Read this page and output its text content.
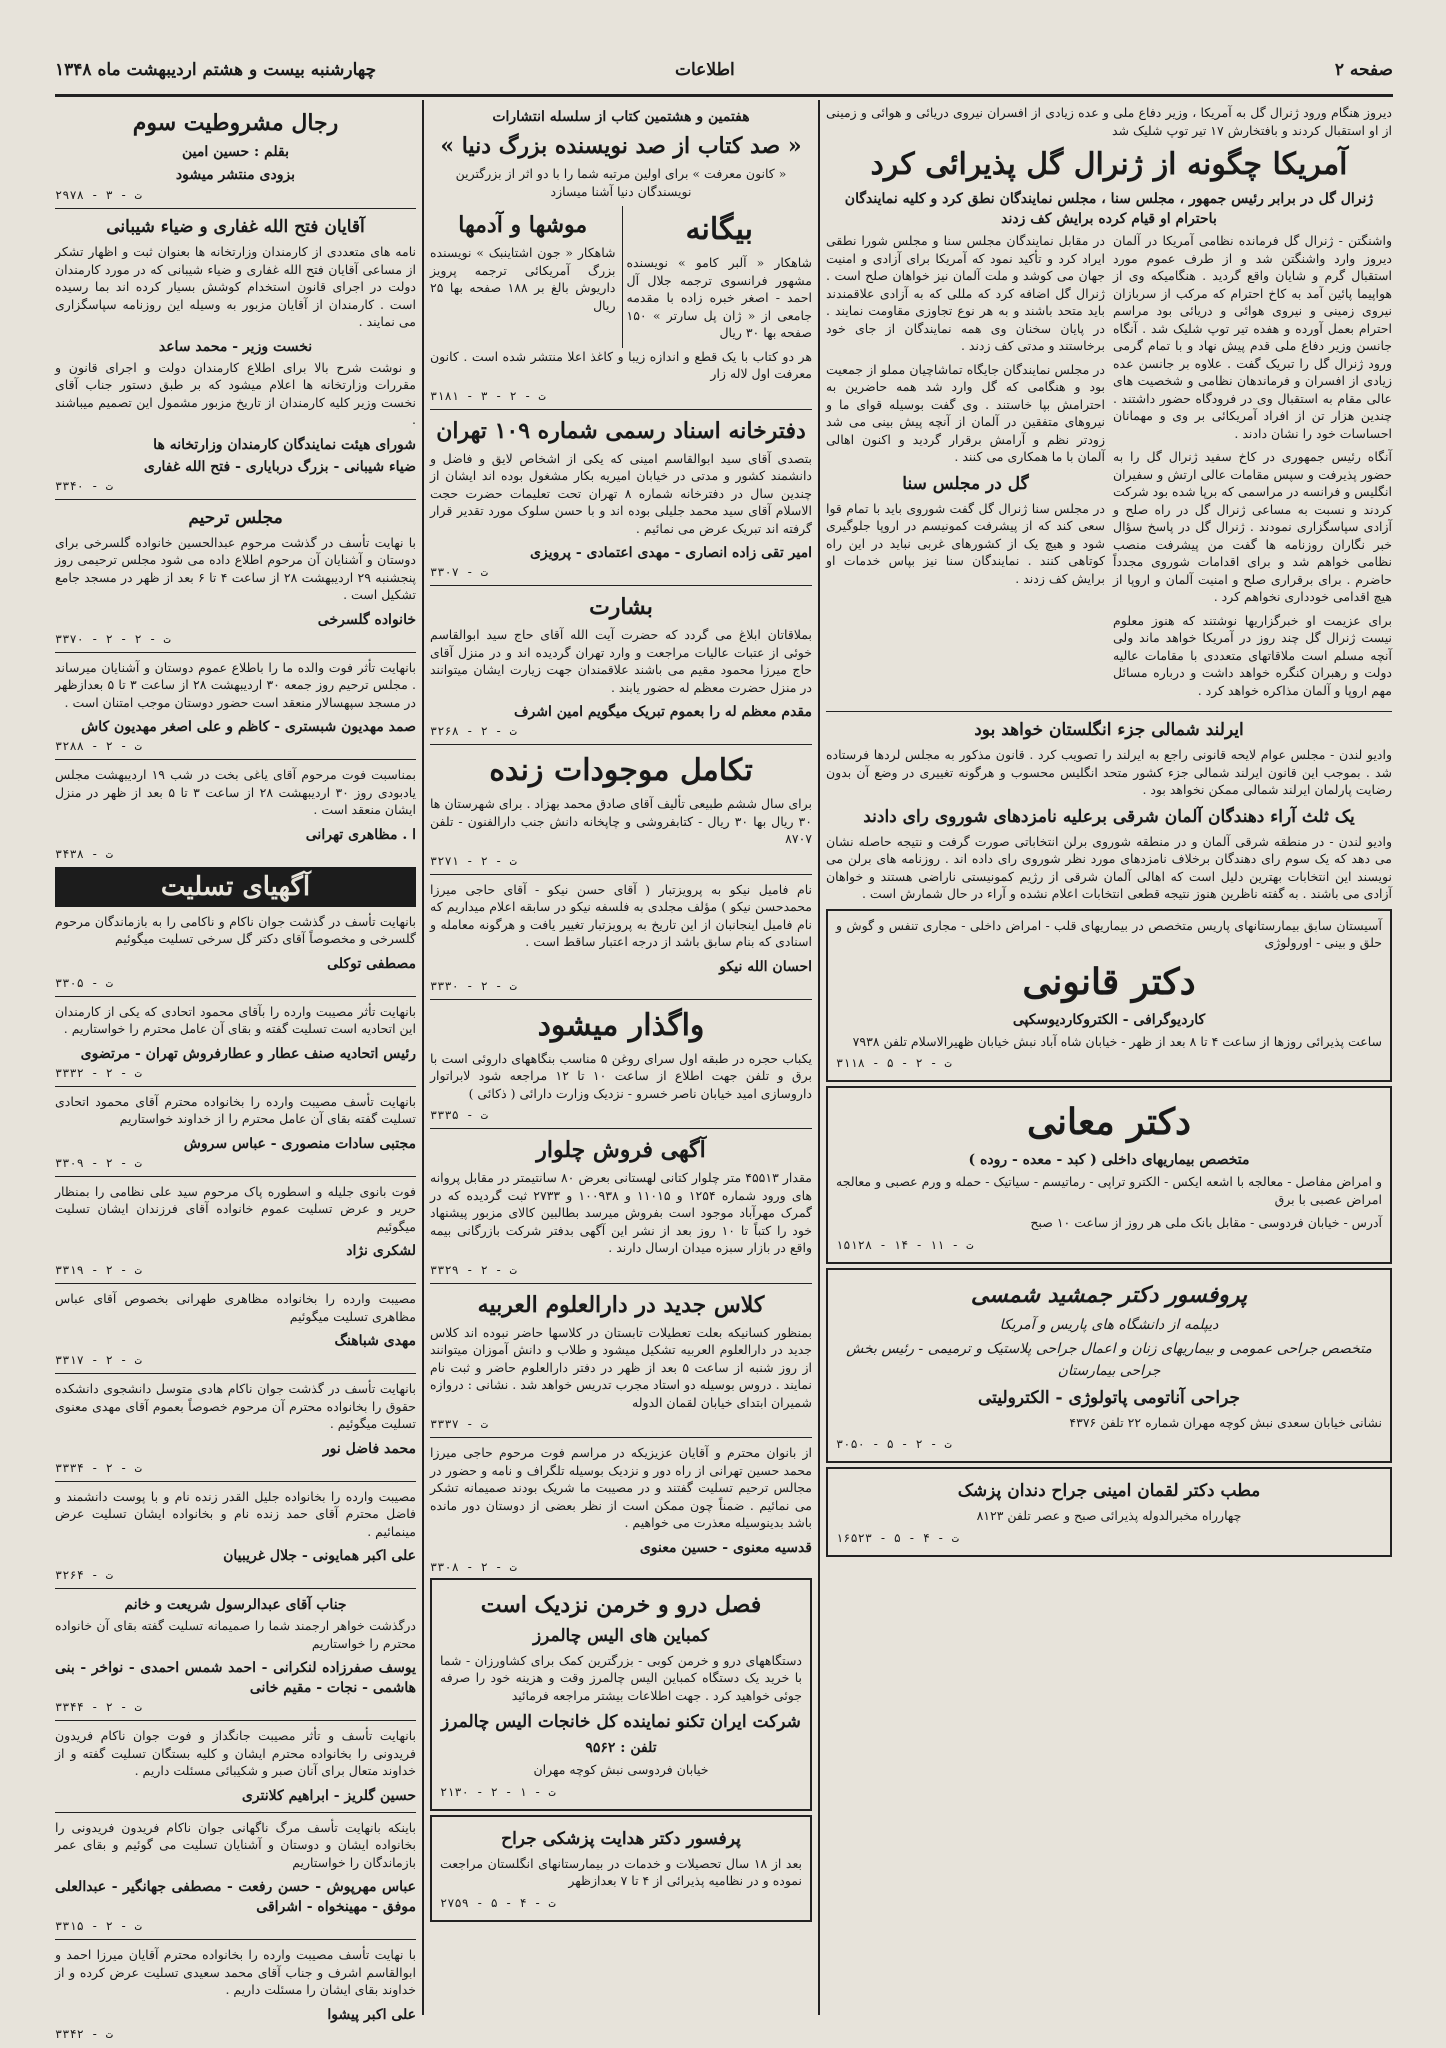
چهارشنبه بیست و هشتم اردیبهشت ماه ۱۳۴۸	اطلاعات	صفحه ۲

دیروز هنگام ورود ژنرال گل به آمریکا ، وزیر دفاع ملی و عده زیادی از افسران نیروی دریائی و هوائی و زمینی از او استقبال کردند و بافتخارش ۱۷ تیر توپ شلیک شد

آمریکا چگونه از ژنرال گل پذیرائی کرد
ژنرال گل در برابر رئیس جمهور ، مجلس سنا ، مجلس نمایندگان نطق کرد و کلیه نمایندگان باحترام او قیام کرده برایش کف زدند

واشنگتن - ژنرال گل فرمانده نظامی آمریکا در آلمان دیروز وارد واشنگتن شد و از طرف عموم مورد استقبال گرم و شایان واقع گردید . هنگامیکه وی از هواپیما پائین آمد به کاخ احترام که مرکب از سربازان نیروی زمینی و نیروی هوائی و دریائی بود مراسم احترام بعمل آورده و هفده تیر توپ شلیک شد . آنگاه جانسن وزیر دفاع ملی قدم پیش نهاد و با تمام گرمی ورود ژنرال گل را تبریک گفت . علاوه بر جانسن عده زیادی از افسران و فرماندهان نظامی و شخصیت های عالی مقام به استقبال وی در فرودگاه حضور داشتند . چندین هزار تن از افراد آمریکائی بر وی و مهمانان احساسات خود را نشان دادند .

آنگاه رئیس جمهوری در کاخ سفید ژنرال گل را به حضور پذیرفت و سپس مقامات عالی ارتش و سفیران انگلیس و فرانسه در مراسمی که برپا شده بود شرکت کردند و نسبت به مساعی ژنرال گل در راه صلح و آزادی سپاسگزاری نمودند . ژنرال گل در پاسخ سؤال خبر نگاران روزنامه ها گفت من پیشرفت منصب نظامی خواهم شد و برای اقدامات شوروی مجدداً حاضرم . برای برقراری صلح و امنیت آلمان و اروپا از هیچ اقدامی خودداری نخواهم کرد .

برای عزیمت او خبرگزاریها نوشتند که هنوز معلوم نیست ژنرال گل چند روز در آمریکا خواهد ماند ولی آنچه مسلم است ملاقاتهای متعددی با مقامات عالیه دولت و رهبران کنگره خواهد داشت و درباره مسائل مهم اروپا و آلمان مذاکره خواهد کرد .

در مقابل نمایندگان مجلس سنا و مجلس شورا نطقی ایراد کرد و تأکید نمود که آمریکا برای آزادی و امنیت جهان می کوشد و ملت آلمان نیز خواهان صلح است . ژنرال گل اضافه کرد که مللی که به آزادی علاقمندند باید متحد باشند و به هر نوع تجاوزی مقاومت نمایند . در پایان سخنان وی همه نمایندگان از جای خود برخاستند و مدتی کف زدند .

در مجلس نمایندگان جایگاه تماشاچیان مملو از جمعیت بود و هنگامی که گل وارد شد همه حاضرین به احترامش بپا خاستند . وی گفت بوسیله قوای ما و نیروهای متفقین در آلمان از آنچه پیش بینی می شد زودتر نظم و آرامش برقرار گردید و اکنون اهالی آلمان با ما همکاری می کنند .

گل در مجلس سنا

در مجلس سنا ژنرال گل گفت شوروی باید با تمام قوا سعی کند که از پیشرفت کمونیسم در اروپا جلوگیری شود و هیچ یک از کشورهای غربی نباید در این راه کوتاهی کنند . نمایندگان سنا نیز بپاس خدمات او برایش کف زدند .

ایرلند شمالی جزء انگلستان خواهد بود

وادیو لندن - مجلس عوام لایحه قانونی راجع به ایرلند را تصویب کرد . قانون مذکور به مجلس لردها فرستاده شد . بموجب این قانون ایرلند شمالی جزء کشور متحد انگلیس محسوب و هرگونه تغییری در وضع آن بدون رضایت پارلمان ایرلند شمالی ممکن نخواهد بود .

یک ثلث آراء دهندگان آلمان شرقی برعلیه نامزدهای شوروی رای دادند

وادیو لندن - در منطقه شرقی آلمان و در منطقه شوروی برلن انتخاباتی صورت گرفت و نتیجه حاصله نشان می دهد که یک سوم رای دهندگان برخلاف نامزدهای مورد نظر شوروی رای داده اند . روزنامه های برلن می نویسند این انتخابات بهترین دلیل است که اهالی آلمان شرقی از رژیم کمونیستی ناراضی هستند و خواهان آزادی می باشند . به گفته ناظرین هنوز نتیجه قطعی انتخابات اعلام نشده و آراء در حال شمارش است .

آسیستان سابق بیمارستانهای پاریس متخصص در بیماریهای قلب - امراض داخلی - مجاری تنفس و گوش و حلق و بینی - اورولوژی

دکتر قانونی
کاردیوگرافی - الکتروکاردیوسکپی

ساعت پذیرائی روزها از ساعت ۴ تا ۸ بعد از ظهر - خیابان شاه آباد نبش خیابان ظهیرالاسلام تلفن ۷۹۳۸

۳۱۱۸ - ت - ۲ - ۵
دکتر معانی
متخصص بیماریهای داخلی ( کبد - معده - روده )

و امراض مفاصل - معالجه با اشعه ایکس - الکترو تراپی - رماتیسم - سیاتیک - حمله و ورم عصبی و معالجه امراض عصبی با برق

آدرس - خیابان فردوسی - مقابل بانک ملی هر روز از ساعت ۱۰ صبح

۱۵۱۲۸ - ت - ۱۱ - ۱۴
پروفسور دکتر جمشید شمسی
دیپلمه از دانشگاه های پاریس و آمریکا
متخصص جراحی عمومی و بیماریهای زنان و اعمال جراحی پلاستیک و ترمیمی - رئیس بخش جراحی بیمارستان
جراحی آناتومی پاتولوژی - الکترولیتی

نشانی خیابان سعدی نبش کوچه مهران شماره ۲۲ تلفن ۴۳۷۶

۳۰۵۰ - ت - ۲ - ۵
مطب دکتر لقمان امینی جراح دندان پزشک

چهارراه مخبرالدوله پذیرائی صبح و عصر تلفن ۸۱۲۳

۱۶۵۲۳ - ت - ۴ - ۵
هفتمین و هشتمین کتاب از سلسله انتشارات
« صد کتاب از صد نویسنده بزرگ دنیا »

« کانون معرفت » برای اولین مرتبه شما را با دو اثر از بزرگترین نویسندگان دنیا آشنا میسازد

بیگانه

شاهکار « آلبر کامو » نویسنده مشهور فرانسوی ترجمه جلال آل احمد - اصغر خبره زاده با مقدمه جامعی از « ژان پل سارتر » ۱۵۰ صفحه بها ۳۰ ریال

موشها و آدمها

شاهکار « جون اشتاینبک » نویسنده بزرگ آمریکائی ترجمه پرویز داریوش بالغ بر ۱۸۸ صفحه بها ۲۵ ریال

هر دو کتاب با یک قطع و اندازه زیبا و کاغذ اعلا منتشر شده است . کانون معرفت اول لاله زار

۳۱۸۱ - ت - ۲ - ۳
دفترخانه اسناد رسمی شماره ۱۰۹ تهران

بتصدی آقای سید ابوالقاسم امینی که یکی از اشخاص لایق و فاضل و دانشمند کشور و مدتی در خیابان امیریه بکار مشغول بوده اند ایشان از چندین سال در دفترخانه شماره ۸ تهران تحت تعلیمات حضرت حجت الاسلام آقای سید محمد جلیلی بوده اند و با حسن سلوک مورد تقدیر قرار گرفته اند تبریک عرض می نمائیم .

امیر تقی زاده انصاری - مهدی اعتمادی - پرویزی
۳۳۰۷ - ت
بشارت

بملاقاتان ابلاغ می گردد که حضرت آیت الله آقای حاج سید ابوالقاسم خوئی از عتبات عالیات مراجعت و وارد تهران گردیده اند و در منزل آقای حاج میرزا محمود مقیم می باشند علاقمندان جهت زیارت ایشان میتوانند در منزل حضرت معظم له حضور یابند .

مقدم معظم له را بعموم تبریک میگویم امین اشرف
۳۲۶۸ - ت - ۲
تکامل موجودات زنده

برای سال ششم طبیعی تألیف آقای صادق محمد بهزاد . برای شهرستان ها ۳۰ ریال بها ۳۰ ریال - کتابفروشی و چاپخانه دانش جنب دارالفنون - تلفن ۸۷۰۷

۳۲۷۱ - ت - ۲

نام فامیل نیکو به پرویزتبار ( آقای حسن نیکو - آقای حاجی میرزا محمدحسن نیکو ) مؤلف مجلدی به فلسفه نیکو در سابقه اعلام میداریم که نام فامیل اینجانبان از این تاریخ به پرویزتبار تغییر یافت و هرگونه معامله و اسنادی که بنام سابق باشد از درجه اعتبار ساقط است .

احسان الله نیکو
۳۳۳۰ - ت - ۲
واگذار میشود

یکباب حجره در طبقه اول سرای روغن ۵ مناسب بنگاههای داروئی است با برق و تلفن جهت اطلاع از ساعت ۱۰ تا ۱۲ مراجعه شود لابراتوار داروسازی امید خیابان ناصر خسرو - نزدیک وزارت دارائی ( ذکائی )

۳۳۳۵ - ت
آگهی فروش چلوار

مقدار ۴۵۵۱۳ متر چلوار کتانی لهستانی بعرض ۸۰ سانتیمتر در مقابل پروانه های ورود شماره ۱۲۵۴ و ۱۱۰۱۵ و ۱۰۰۹۳۸ و ۲۷۳۳ ثبت گردیده که در گمرک مهرآباد موجود است بفروش میرسد بطالبین کالای مزبور پیشنهاد خود را کتباً تا ۱۰ روز بعد از نشر این آگهی بدفتر شرکت بازرگانی بیمه واقع در بازار سبزه میدان ارسال دارند .

۳۳۲۹ - ت - ۲
کلاس جدید در دارالعلوم العربیه

بمنظور کسانیکه بعلت تعطیلات تابستان در کلاسها حاضر نبوده اند کلاس جدید در دارالعلوم العربیه تشکیل میشود و طلاب و دانش آموزان میتوانند از روز شنبه از ساعت ۵ بعد از ظهر در دفتر دارالعلوم حاضر و ثبت نام نمایند . دروس بوسیله دو استاد مجرب تدریس خواهد شد . نشانی : دروازه شمیران ابتدای خیابان لقمان الدوله

۳۳۳۷ - ت

از بانوان محترم و آقایان عزیزیکه در مراسم فوت مرحوم حاجی میرزا محمد حسین تهرانی از راه دور و نزدیک بوسیله تلگراف و نامه و حضور در مجالس ترحیم تسلیت گفتند و در مصیبت ما شریک بودند صمیمانه تشکر می نمائیم . ضمناً چون ممکن است از نظر بعضی از دوستان دور مانده باشد بدینوسیله معذرت می خواهیم .

قدسیه معنوی - حسین معنوی
۳۳۰۸ - ت - ۲
فصل درو و خرمن نزدیک است
کمباین های الیس چالمرز

دستگاههای درو و خرمن کوبی - بزرگترین کمک برای کشاورزان - شما با خرید یک دستگاه کمباین الیس چالمرز وقت و هزینه خود را صرفه جوئی خواهید کرد . جهت اطلاعات بیشتر مراجعه فرمائید

شرکت ایران تکنو نماینده کل خانجات الیس چالمرز
تلفن : ۹۵۶۲

خیابان فردوسی نبش کوچه مهران

۲۱۳۰ - ت - ۱ - ۲
پرفسور دکتر هدایت پزشکی جراح

بعد از ۱۸ سال تحصیلات و خدمات در بیمارستانهای انگلستان مراجعت نموده و در نظامیه پذیرائی از ۴ تا ۷ بعدازظهر

۲۷۵۹ - ت - ۴ - ۵
رجال مشروطیت سوم
بقلم : حسین امین
بزودی منتشر میشود
۲۹۷۸ - ت - ۳
آقایان فتح الله غفاری و ضیاء شیبانی

نامه های متعددی از کارمندان وزارتخانه ها بعنوان ثبت و اظهار تشکر از مساعی آقایان فتح الله غفاری و ضیاء شیبانی که در مورد کارمندان دولت در اجرای قانون استخدام کوشش بسیار کرده اند بما رسیده است . کارمندان از آقایان مزبور به وسیله این روزنامه سپاسگزاری می نمایند .

نخست وزیر - محمد ساعد

و نوشت شرح بالا برای اطلاع کارمندان دولت و اجرای قانون و مقررات وزارتخانه ها اعلام میشود که بر طبق دستور جناب آقای نخست وزیر کلیه کارمندان از تاریخ مزبور مشمول این تصمیم میباشند .

شورای هیئت نمایندگان کارمندان وزارتخانه ها
ضیاء شیبانی - بزرگ دربایاری - فتح الله غفاری
۳۳۴۰ - ت
مجلس ترحیم

با نهایت تأسف در گذشت مرحوم عبدالحسین خانواده گلسرخی برای دوستان و آشنایان آن مرحوم اطلاع داده می شود مجلس ترحیمی روز پنجشنبه ۲۹ اردیبهشت ۲۸ از ساعت ۴ تا ۶ بعد از ظهر در مسجد جامع تشکیل است .

خانواده گلسرخی
۳۳۷۰ - ت - ۲ - ۲

بانهایت تأثر فوت والده ما را باطلاع عموم دوستان و آشنایان میرساند . مجلس ترحیم روز جمعه ۳۰ اردیبهشت ۲۸ از ساعت ۳ تا ۵ بعدازظهر در مسجد سپهسالار منعقد است حضور دوستان موجب امتنان است .

صمد مهدیون شبستری - کاظم و علی اصغر مهدیون کاش
۳۲۸۸ - ت - ۲

بمناسبت فوت مرحوم آقای یاغی بخت در شب ۱۹ اردیبهشت مجلس یادبودی روز ۳۰ اردیبهشت ۲۸ از ساعت ۳ تا ۵ بعد از ظهر در منزل ایشان منعقد است .

ا . مظاهری تهرانی
۳۴۳۸ - ت
آگهیای تسلیت

بانهایت تأسف در گذشت جوان ناکام و ناکامی را به بازماندگان مرحوم گلسرخی و مخصوصاً آقای دکتر گل سرخی تسلیت میگوئیم

مصطفی توکلی
۳۳۰۵ - ت

بانهایت تأثر مصیبت وارده را بآقای محمود اتحادی که یکی از کارمندان این اتحادیه است تسلیت گفته و بقای آن عامل محترم را خواستاریم .

رئیس اتحادیه صنف عطار و عطارفروش تهران - مرتضوی
۳۳۳۲ - ت - ۲

بانهایت تأسف مصیبت وارده را بخانواده محترم آقای محمود اتحادی تسلیت گفته بقای آن عامل محترم را از خداوند خواستاریم

مجتبی سادات منصوری - عباس سروش
۳۳۰۹ - ت - ۲

فوت بانوی جلیله و اسطوره پاک مرحوم سید علی نظامی را بمنظار حریر و عرض تسلیت عموم خانواده آقای فرزندان ایشان تسلیت میگوئیم

لشکری نژاد
۳۳۱۹ - ت - ۲

مصیبت وارده را بخانواده مظاهری طهرانی بخصوص آقای عباس مظاهری تسلیت میگوئیم

مهدی شباهنگ
۳۳۱۷ - ت - ۲

بانهایت تأسف در گذشت جوان ناکام هادی متوسل دانشجوی دانشکده حقوق را بخانواده محترم آن مرحوم خصوصاً بعموم آقای مهدی معنوی تسلیت میگوئیم .

محمد فاضل نور
۳۳۳۴ - ت - ۲

مصیبت وارده را بخانواده جلیل القدر زنده نام و با پوست دانشمند و فاضل محترم آقای حمد زنده نام و بخانواده ایشان تسلیت عرض مینمائیم .

علی اکبر همایونی - جلال غریبیان
۳۲۶۴ - ت
جناب آقای عبدالرسول شریعت و خانم

درگذشت خواهر ارجمند شما را صمیمانه تسلیت گفته بقای آن خانواده محترم را خواستاریم

یوسف صفرزاده لنکرانی - احمد شمس احمدی - نواخر - بنی هاشمی - نجات - مقیم خانی
۳۳۴۴ - ت - ۲

بانهایت تأسف و تأثر مصیبت جانگداز و فوت جوان ناکام فریدون فریدونی را بخانواده محترم ایشان و کلیه بستگان تسلیت گفته و از خداوند متعال برای آنان صبر و شکیبائی مسئلت داریم .

حسین گلریز - ابراهیم کلانتری

باینکه بانهایت تأسف مرگ ناگهانی جوان ناکام فریدون فریدونی را بخانواده ایشان و دوستان و آشنایان تسلیت می گوئیم و بقای عمر بازماندگان را خواستاریم

عباس مهرپوش - حسن رفعت - مصطفی جهانگیر - عبدالعلی موفق - مهینخواه - اشراقی
۳۳۱۵ - ت - ۲

با نهایت تأسف مصیبت وارده را بخانواده محترم آقایان میرزا احمد و ابوالقاسم اشرف و جناب آقای محمد سعیدی تسلیت عرض کرده و از خداوند بقای ایشان را مسئلت داریم .

علی اکبر پیشوا
۳۳۴۲ - ت
